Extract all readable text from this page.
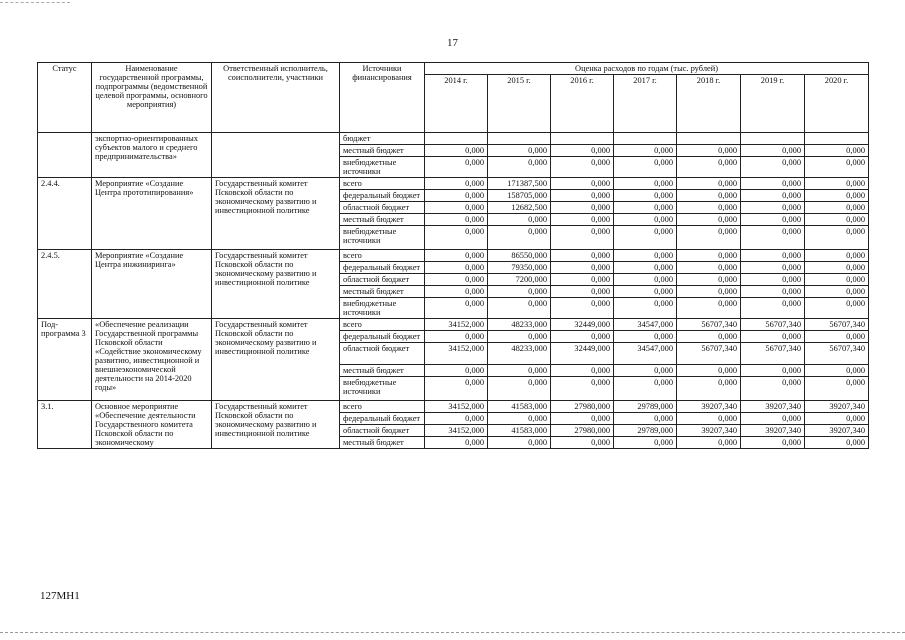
17
Статус	Наименование государственной программы, подпрограммы (ведомственной целевой программы, основного мероприятия)	Ответственный исполнитель, соисполнители, участники	Источники финансирования	Оценка расходов по годам (тыс. рублей)						
				2014 г.	2015 г.	2016 г.	2017 г.	2018 г.	2019 г.	2020 г.
	экспортно-ориентированных субъектов малого и среднего предпринимательства»		бюджет							
			местный бюджет	0,000	0,000	0,000	0,000	0,000	0,000	0,000
			внебюджетные источники	0,000	0,000	0,000	0,000	0,000	0,000	0,000
2.4.4.	Мероприятие «Создание Центра прототипирования»	Государственный комитет Псковской области по экономическому развитию и инвестиционной политике	всего	0,000	171387,500	0,000	0,000	0,000	0,000	0,000
			федеральный бюджет	0,000	158705,000	0,000	0,000	0,000	0,000	0,000
			областной бюджет	0,000	12682,500	0,000	0,000	0,000	0,000	0,000
			местный бюджет	0,000	0,000	0,000	0,000	0,000	0,000	0,000
			внебюджетные источники	0,000	0,000	0,000	0,000	0,000	0,000	0,000
2.4.5.	Мероприятие «Создание Центра инжиниринга»	Государственный комитет Псковской области по экономическому развитию и инвестиционной политике	всего	0,000	86550,000	0,000	0,000	0,000	0,000	0,000
			федеральный бюджет	0,000	79350,000	0,000	0,000	0,000	0,000	0,000
			областной бюджет	0,000	7200,000	0,000	0,000	0,000	0,000	0,000
			местный бюджет	0,000	0,000	0,000	0,000	0,000	0,000	0,000
			внебюджетные источники	0,000	0,000	0,000	0,000	0,000	0,000	0,000
Под-программа 3	«Обеспечение реализации Государственной программы Псковской области «Содействие экономическому развитию, инвестиционной и внешнеэкономической деятельности на 2014-2020 годы»	Государственный комитет Псковской области по экономическому развитию и инвестиционной политике	всего	34152,000	48233,000	32449,000	34547,000	56707,340	56707,340	56707,340
			федеральный бюджет	0,000	0,000	0,000	0,000	0,000	0,000	0,000
			областной бюджет	34152,000	48233,000	32449,000	34547,000	56707,340	56707,340	56707,340
			местный бюджет	0,000	0,000	0,000	0,000	0,000	0,000	0,000
			внебюджетные источники	0,000	0,000	0,000	0,000	0,000	0,000	0,000
3.1.	Основное мероприятие «Обеспечение деятельности Государственного комитета Псковской области по экономическому	Государственный комитет Псковской области по экономическому развитию и инвестиционной политике	всего	34152,000	41583,000	27980,000	29789,000	39207,340	39207,340	39207,340
			федеральный бюджет	0,000	0,000	0,000	0,000	0,000	0,000	0,000
			областной бюджет	34152,000	41583,000	27980,000	29789,000	39207,340	39207,340	39207,340
			местный бюджет	0,000	0,000	0,000	0,000	0,000	0,000	0,000
127МН1
